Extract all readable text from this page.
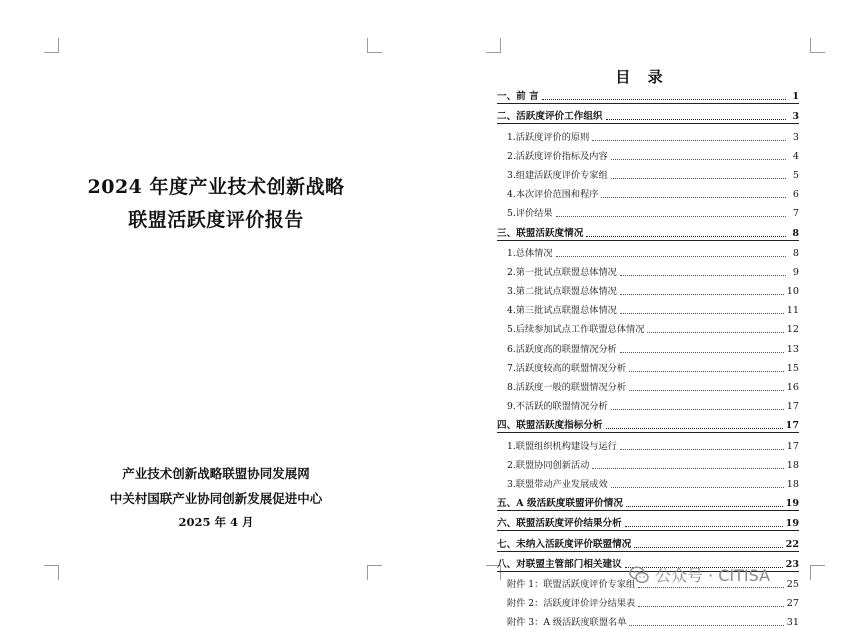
2024 年度产业技术创新战略
联盟活跃度评价报告
产业技术创新战略联盟协同发展网
中关村国联产业协同创新发展促进中心
2025 年 4 月
目 录
一、前 言	1
二、活跃度评价工作组织	3
1.活跃度评价的原则	3
2.活跃度评价指标及内容	4
3.组建活跃度评价专家组	5
4.本次评价范围和程序	6
5.评价结果	7
三、联盟活跃度情况	8
1.总体情况	8
2.第一批试点联盟总体情况	9
3.第二批试点联盟总体情况	10
4.第三批试点联盟总体情况	11
5.后续参加试点工作联盟总体情况	12
6.活跃度高的联盟情况分析	13
7.活跃度较高的联盟情况分析	15
8.活跃度一般的联盟情况分析	16
9.不活跃的联盟情况分析	17
四、联盟活跃度指标分析	17
1.联盟组织机构建设与运行	17
2.联盟协同创新活动	18
3.联盟带动产业发展成效	18
五、A 级活跃度联盟评价情况	19
六、联盟活跃度评价结果分析	19
七、未纳入活跃度评价联盟情况	22
八、对联盟主管部门相关建议	23
附件 1：联盟活跃度评价专家组	25
附件 2：活跃度评价评分结果表	27
附件 3：A 级活跃度联盟名单	31
公众号 · CITISA
